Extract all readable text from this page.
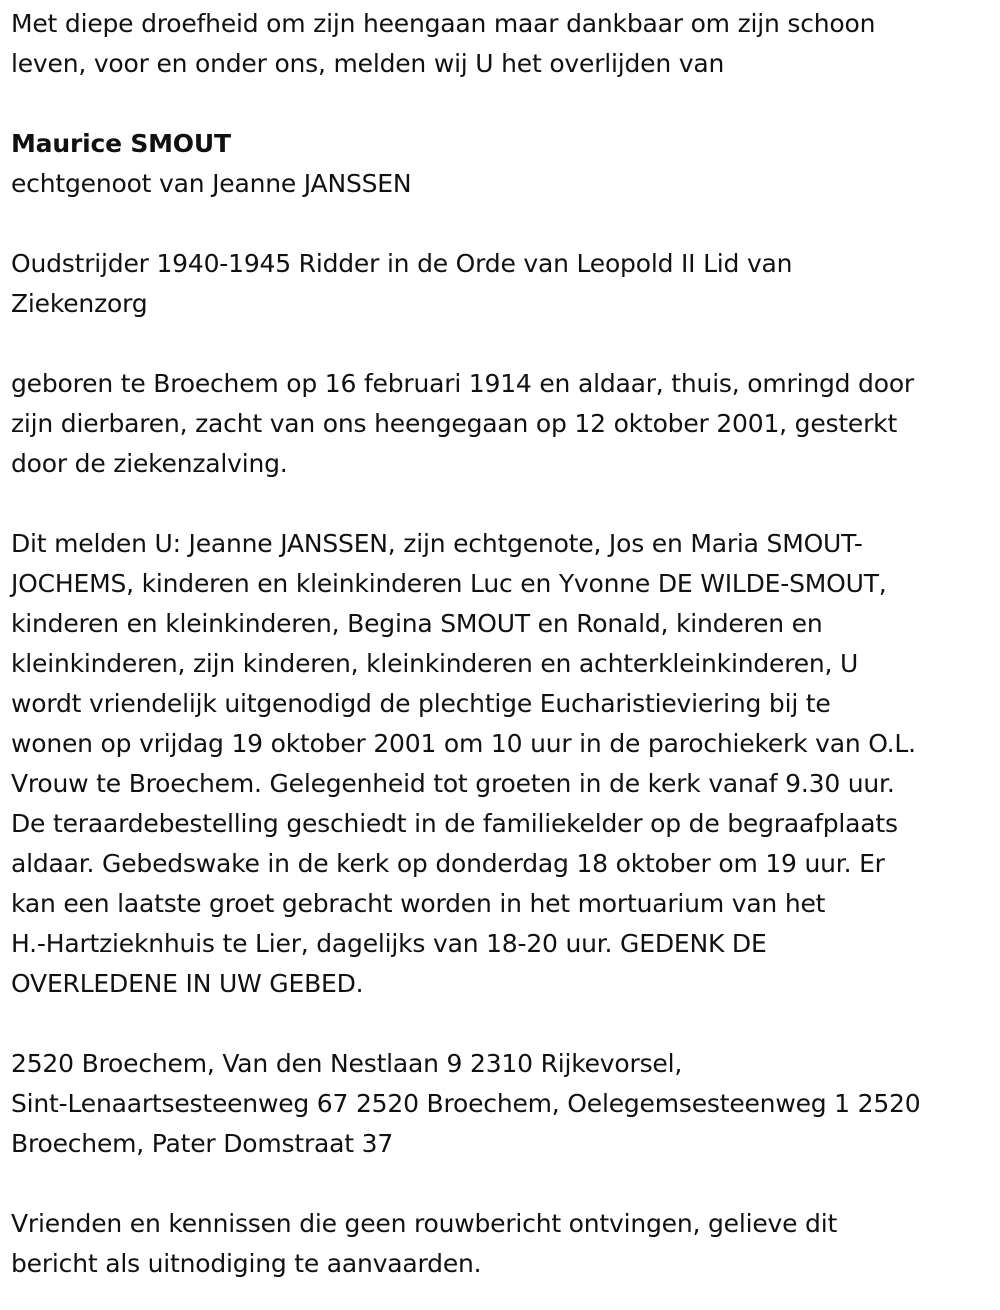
Met diepe droefheid om zijn heengaan maar dankbaar om zijn schoon
leven, voor en onder ons, melden wij U het overlijden van

Maurice SMOUT

echtgenoot van Jeanne JANSSEN

Oudstrijder 1940-1945 Ridder in de Orde van Leopold II Lid van
Ziekenzorg

geboren te Broechem op 16 februari 1914 en aldaar, thuis, omringd door
zijn dierbaren, zacht van ons heengegaan op 12 oktober 2001, gesterkt
door de ziekenzalving.

Dit melden U: Jeanne JANSSEN, zijn echtgenote, Jos en Maria SMOUT-
JOCHEMS, kinderen en kleinkinderen Luc en Yvonne DE WILDE-SMOUT,
kinderen en kleinkinderen, Begina SMOUT en Ronald, kinderen en
kleinkinderen, zijn kinderen, kleinkinderen en achterkleinkinderen, U
wordt vriendelijk uitgenodigd de plechtige Eucharistieviering bij te
wonen op vrijdag 19 oktober 2001 om 10 uur in de parochiekerk van O.L.
Vrouw te Broechem. Gelegenheid tot groeten in de kerk vanaf 9.30 uur.
De teraardebestelling geschiedt in de familiekelder op de begraafplaats
aldaar. Gebedswake in de kerk op donderdag 18 oktober om 19 uur. Er
kan een laatste groet gebracht worden in het mortuarium van het
H.-Hartzieknhuis te Lier, dagelijks van 18-20 uur. GEDENK DE
OVERLEDENE IN UW GEBED.

2520 Broechem, Van den Nestlaan 9 2310 Rijkevorsel,
Sint-Lenaartsesteenweg 67 2520 Broechem, Oelegemsesteenweg 1 2520
Broechem, Pater Domstraat 37

Vrienden en kennissen die geen rouwbericht ontvingen, gelieve dit
bericht als uitnodiging te aanvaarden.
